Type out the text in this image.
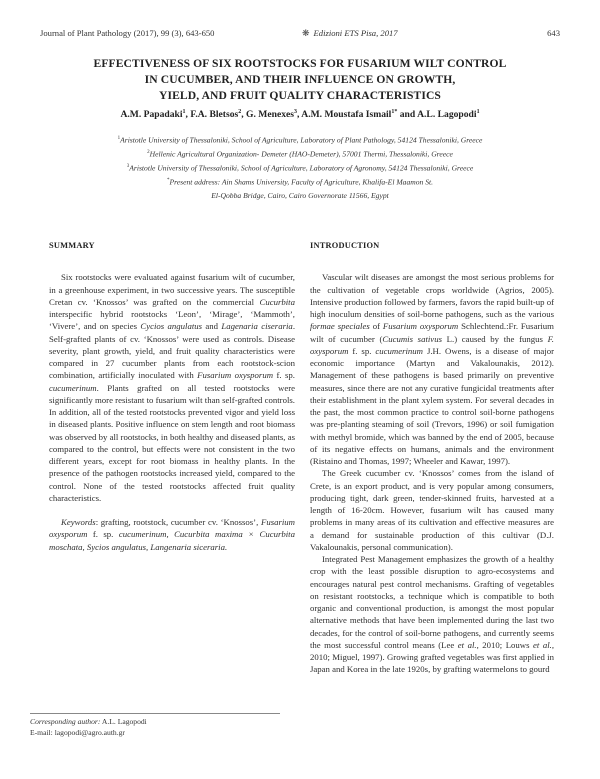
Journal of Plant Pathology (2017), 99 (3), 643-650	❋ Edizioni ETS Pisa, 2017	643
EFFECTIVENESS OF SIX ROOTSTOCKS FOR FUSARIUM WILT CONTROL
IN CUCUMBER, AND THEIR INFLUENCE ON GROWTH,
YIELD, AND FRUIT QUALITY CHARACTERISTICS
A.M. Papadaki$^1$, F.A. Bletsos$^2$, G. Menexes$^3$, A.M. Moustafa Ismail$^{1*}$ and A.L. Lagopodi$^1$
$^1$Aristotle University of Thessaloniki, School of Agriculture, Laboratory of Plant Pathology, 54124 Thessaloniki, Greece
$^2$Hellenic Agricultural Organization- Demeter (HAO-Demeter), 57001 Thermi, Thessaloniki, Greece
$^3$Aristotle University of Thessaloniki, School of Agriculture, Laboratory of Agronomy, 54124 Thessaloniki, Greece
*Present address: Ain Shams University, Faculty of Agriculture, Khalifa-El Maamon St.
El-Qobba Bridge, Cairo, Cairo Governorate 11566, Egypt
SUMMARY

Six rootstocks were evaluated against fusarium wilt of cucumber, in a greenhouse experiment, in two successive years. The susceptible Cretan cv. ‘Knossos’ was grafted on the commercial Cucurbita interspecific hybrid rootstocks ‘Leon’, ‘Mirage’, ‘Mammoth’, ‘Vivere’, and on species Cycios angulatus and Lagenaria ciseraria. Self-grafted plants of cv. ‘Knossos’ were used as controls. Disease severity, plant growth, yield, and fruit quality characteristics were compared in 27 cucumber plants from each rootstock-scion combination, artificially inoculated with Fusarium oxysporum f. sp. cucumerinum. Plants grafted on all tested rootstocks were significantly more resistant to fusarium wilt than self-grafted controls. In addition, all of the tested rootstocks prevented vigor and yield loss in diseased plants. Positive influence on stem length and root biomass was observed by all rootstocks, in both healthy and diseased plants, as compared to the control, but effects were not consistent in the two different years, except for root biomass in healthy plants. In the presence of the pathogen rootstocks increased yield, compared to the control. None of the tested rootstocks affected fruit quality characteristics.

Keywords: grafting, rootstock, cucumber cv. ‘Knossos’, Fusarium oxysporum f. sp. cucumerinum, Cucurbita maxima × Cucurbita moschata, Sycios angulatus, Langenaria siceraria.

INTRODUCTION

Vascular wilt diseases are amongst the most serious problems for the cultivation of vegetable crops worldwide (Agrios, 2005). Intensive production followed by farmers, favors the rapid built-up of high inoculum densities of soil-borne pathogens, such as the various formae speciales of Fusarium oxysporum Schlechtend.:Fr. Fusarium wilt of cucumber (Cucumis sativus L.) caused by the fungus F. oxysporum f. sp. cucumerinum J.H. Owens, is a disease of major economic importance (Martyn and Vakalounakis, 2012). Management of these pathogens is based primarily on preventive measures, since there are not any curative fungicidal treatments after their establishment in the plant xylem system. For several decades in the past, the most common practice to control soil-borne pathogens was pre-planting steaming of soil (Trevors, 1996) or soil fumigation with methyl bromide, which was banned by the end of 2005, because of its negative effects on humans, animals and the environment (Ristaino and Thomas, 1997; Wheeler and Kawar, 1997).

The Greek cucumber cv. ‘Knossos’ comes from the island of Crete, is an export product, and is very popular among consumers, producing tight, dark green, tender-skinned fruits, harvested at a length of 16-20cm. However, fusarium wilt has caused many problems in many areas of its cultivation and effective measures are a demand for sustainable production of this cultivar (D.J. Vakalounakis, personal communication).

Integrated Pest Management emphasizes the growth of a healthy crop with the least possible disruption to agro-ecosystems and encourages natural pest control mechanisms. Grafting of vegetables on resistant rootstocks, a technique which is compatible to both organic and conventional production, is amongst the most popular alternative methods that have been implemented during the last two decades, for the control of soil-borne pathogens, and currently seems the most successful control means (Lee et al., 2010; Louws et al., 2010; Miguel, 1997). Growing grafted vegetables was first applied in Japan and Korea in the late 1920s, by grafting watermelons to gourd

Corresponding author: A.L. Lagopodi
E-mail: lagopodi@agro.auth.gr
